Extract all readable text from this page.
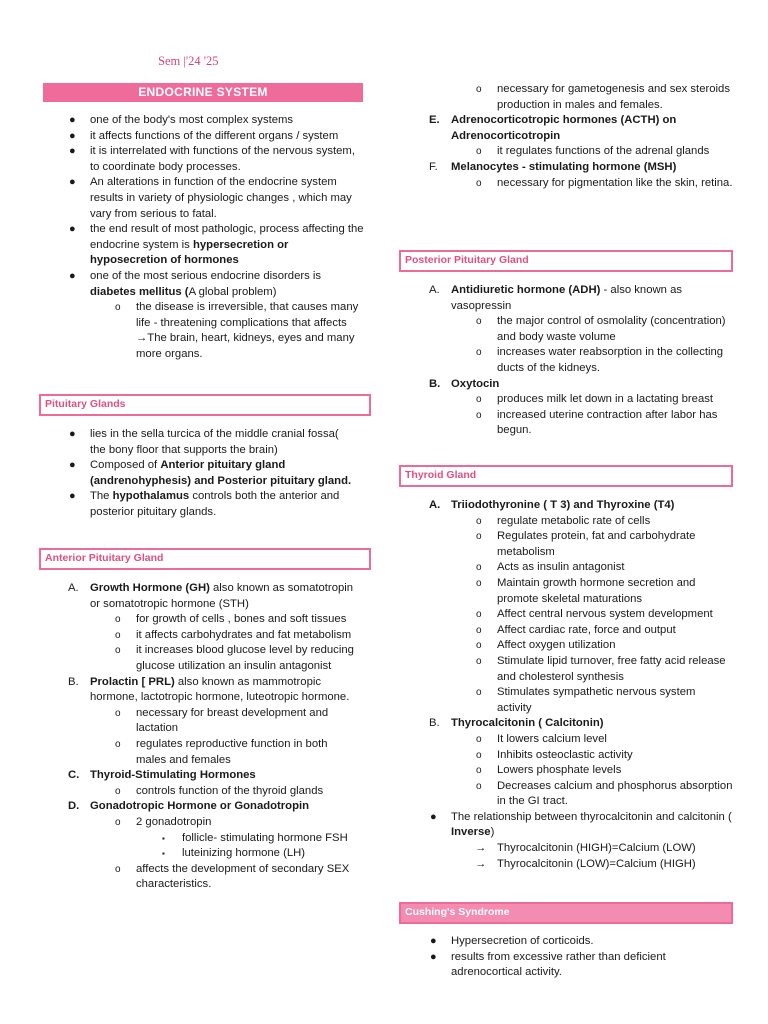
Sem |'24 '25
ENDOCRINE SYSTEM
● one of the body's most complex systems
● it affects functions of the different organs / system
● it is interrelated with functions of the nervous system, to coordinate body processes.
● An alterations in function of the endocrine system results in variety of physiologic changes , which may vary from serious to fatal.
● the end result of most pathologic, process affecting the endocrine system is hypersecretion or hyposecretion of hormones
● one of the most serious endocrine disorders is diabetes mellitus (A global problem)
o the disease is irreversible, that causes many life - threatening complications that affects →The brain, heart, kidneys, eyes and many more organs.
Pituitary Glands
● lies in the sella turcica of the middle cranial fossa( the bony floor that supports the brain)
● Composed of Anterior pituitary gland (andrenohyphesis) and Posterior pituitary gland.
● The hypothalamus controls both the anterior and posterior pituitary glands.
Anterior Pituitary Gland
A. Growth Hormone (GH) also known as somatotropin or somatotropic hormone (STH)
o for growth of cells , bones and soft tissues
o it affects carbohydrates and fat metabolism
o it increases blood glucose level by reducing glucose utilization an insulin antagonist
B. Prolactin [ PRL) also known as mammotropic hormone, lactotropic hormone, luteotropic hormone.
o necessary for breast development and lactation
o regulates reproductive function in both males and females
C. Thyroid-Stimulating Hormones
o controls function of the thyroid glands
D. Gonadotropic Hormone or Gonadotropin
o 2 gonadotropin
▪ follicle- stimulating hormone FSH
▪ luteinizing hormone (LH)
o affects the development of secondary SEX characteristics.
o necessary for gametogenesis and sex steroids production in males and females.
E. Adrenocorticotropic hormones (ACTH) on Adrenocorticotropin
o it regulates functions of the adrenal glands
F. Melanocytes - stimulating hormone (MSH)
o necessary for pigmentation like the skin, retina.
Posterior Pituitary Gland
A. Antidiuretic hormone (ADH) - also known as vasopressin
o the major control of osmolality (concentration) and body waste volume
o increases water reabsorption in the collecting ducts of the kidneys.
B. Oxytocin
o produces milk let down in a lactating breast
o increased uterine contraction after labor has begun.
Thyroid Gland
A. Triiodothyronine ( T 3) and Thyroxine (T4)
o regulate metabolic rate of cells
o Regulates protein, fat and carbohydrate metabolism
o Acts as insulin antagonist
o Maintain growth hormone secretion and promote skeletal maturations
o Affect central nervous system development
o Affect cardiac rate, force and output
o Affect oxygen utilization
o Stimulate lipid turnover, free fatty acid release and cholesterol synthesis
o Stimulates sympathetic nervous system activity
B. Thyrocalcitonin ( Calcitonin)
o It lowers calcium level
o Inhibits osteoclastic activity
o Lowers phosphate levels
o Decreases calcium and phosphorus absorption in the GI tract.
● The relationship between thyrocalcitonin and calcitonin ( Inverse)
→ Thyrocalcitonin (HIGH)=Calcium (LOW)
→ Thyrocalcitonin (LOW)=Calcium (HIGH)
Cushing's Syndrome
● Hypersecretion of corticoids.
● results from excessive rather than deficient adrenocortical activity.
